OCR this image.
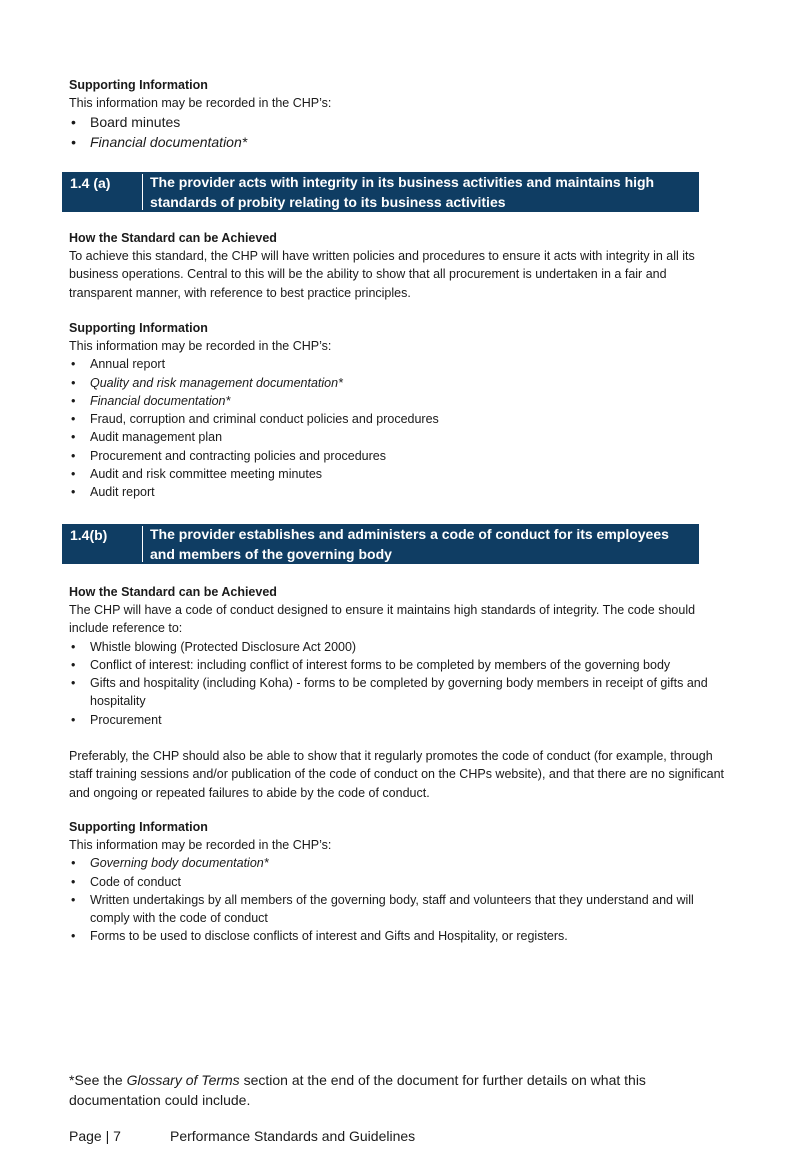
Supporting Information

This information may be recorded in the CHP’s:

• Board minutes
• Financial documentation*
1.4 (a)	The provider acts with integrity in its business activities and maintains high standards of probity relating to its business activities
How the Standard can be Achieved

To achieve this standard, the CHP will have written policies and procedures to ensure it acts with integrity in all its business operations. Central to this will be the ability to show that all procurement is undertaken in a fair and transparent manner, with reference to best practice principles.

Supporting Information

This information may be recorded in the CHP’s:

• Annual report
• Quality and risk management documentation*
• Financial documentation*
• Fraud, corruption and criminal conduct policies and procedures
• Audit management plan
• Procurement and contracting policies and procedures
• Audit and risk committee meeting minutes
• Audit report
1.4(b)	The provider establishes and administers a code of conduct for its employees and members of the governing body
How the Standard can be Achieved

The CHP will have a code of conduct designed to ensure it maintains high standards of integrity. The code should include reference to:

• Whistle blowing (Protected Disclosure Act 2000)
• Conflict of interest: including conflict of interest forms to be completed by members of the governing body
• Gifts and hospitality (including Koha) - forms to be completed by governing body members in receipt of gifts and hospitality
• Procurement

Preferably, the CHP should also be able to show that it regularly promotes the code of conduct (for example, through staff training sessions and/or publication of the code of conduct on the CHPs website), and that there are no significant and ongoing or repeated failures to abide by the code of conduct.

Supporting Information

This information may be recorded in the CHP’s:

• Governing body documentation*
• Code of conduct
• Written undertakings by all members of the governing body, staff and volunteers that they understand and will comply with the code of conduct
• Forms to be used to disclose conflicts of interest and Gifts and Hospitality, or registers.
*See the Glossary of Terms section at the end of the document for further details on what this documentation could include.
Page | 7	Performance Standards and Guidelines
